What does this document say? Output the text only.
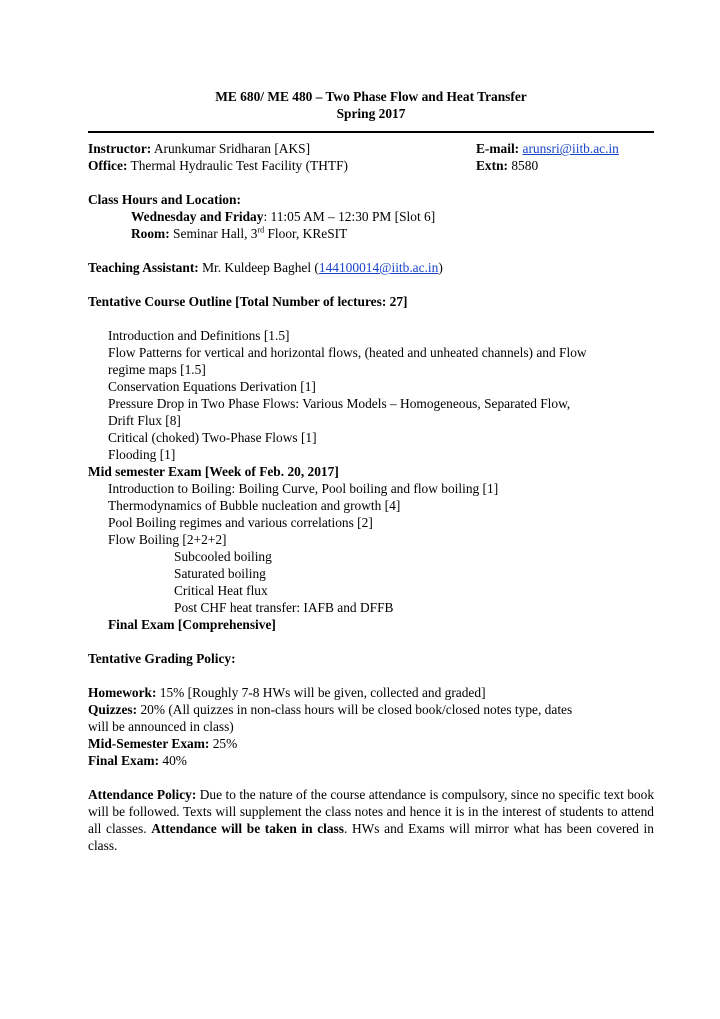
ME 680/ ME 480 – Two Phase Flow and Heat Transfer

Spring 2017

Instructor: Arunkumar Sridharan [AKS]	E-mail: arunsri@iitb.ac.in
Office: Thermal Hydraulic Test Facility (THTF)	Extn: 8580

Class Hours and Location:

Wednesday and Friday: 11:05 AM – 12:30 PM [Slot 6]

Room: Seminar Hall, 3rd Floor, KReSIT

Teaching Assistant: Mr. Kuldeep Baghel (144100014@iitb.ac.in)

Tentative Course Outline [Total Number of lectures: 27]

Introduction and Definitions [1.5]

Flow Patterns for vertical and horizontal flows, (heated and unheated channels) and Flow

regime maps [1.5]

Conservation Equations Derivation [1]

Pressure Drop in Two Phase Flows: Various Models – Homogeneous, Separated Flow,

Drift Flux [8]

Critical (choked) Two-Phase Flows [1]

Flooding [1]

Mid semester Exam [Week of Feb. 20, 2017]

Introduction to Boiling: Boiling Curve, Pool boiling and flow boiling [1]

Thermodynamics of Bubble nucleation and growth [4]

Pool Boiling regimes and various correlations [2]

Flow Boiling [2+2+2]

Subcooled boiling

Saturated boiling

Critical Heat flux

Post CHF heat transfer: IAFB and DFFB

Final Exam [Comprehensive]

Tentative Grading Policy:

Homework: 15% [Roughly 7-8 HWs will be given, collected and graded]

Quizzes: 20% (All quizzes in non-class hours will be closed book/closed notes type, dates

will be announced in class)

Mid-Semester Exam: 25%

Final Exam: 40%

Attendance Policy: Due to the nature of the course attendance is compulsory, since no specific text book will be followed. Texts will supplement the class notes and hence it is in the interest of students to attend all classes. Attendance will be taken in class. HWs and Exams will mirror what has been covered in class.
